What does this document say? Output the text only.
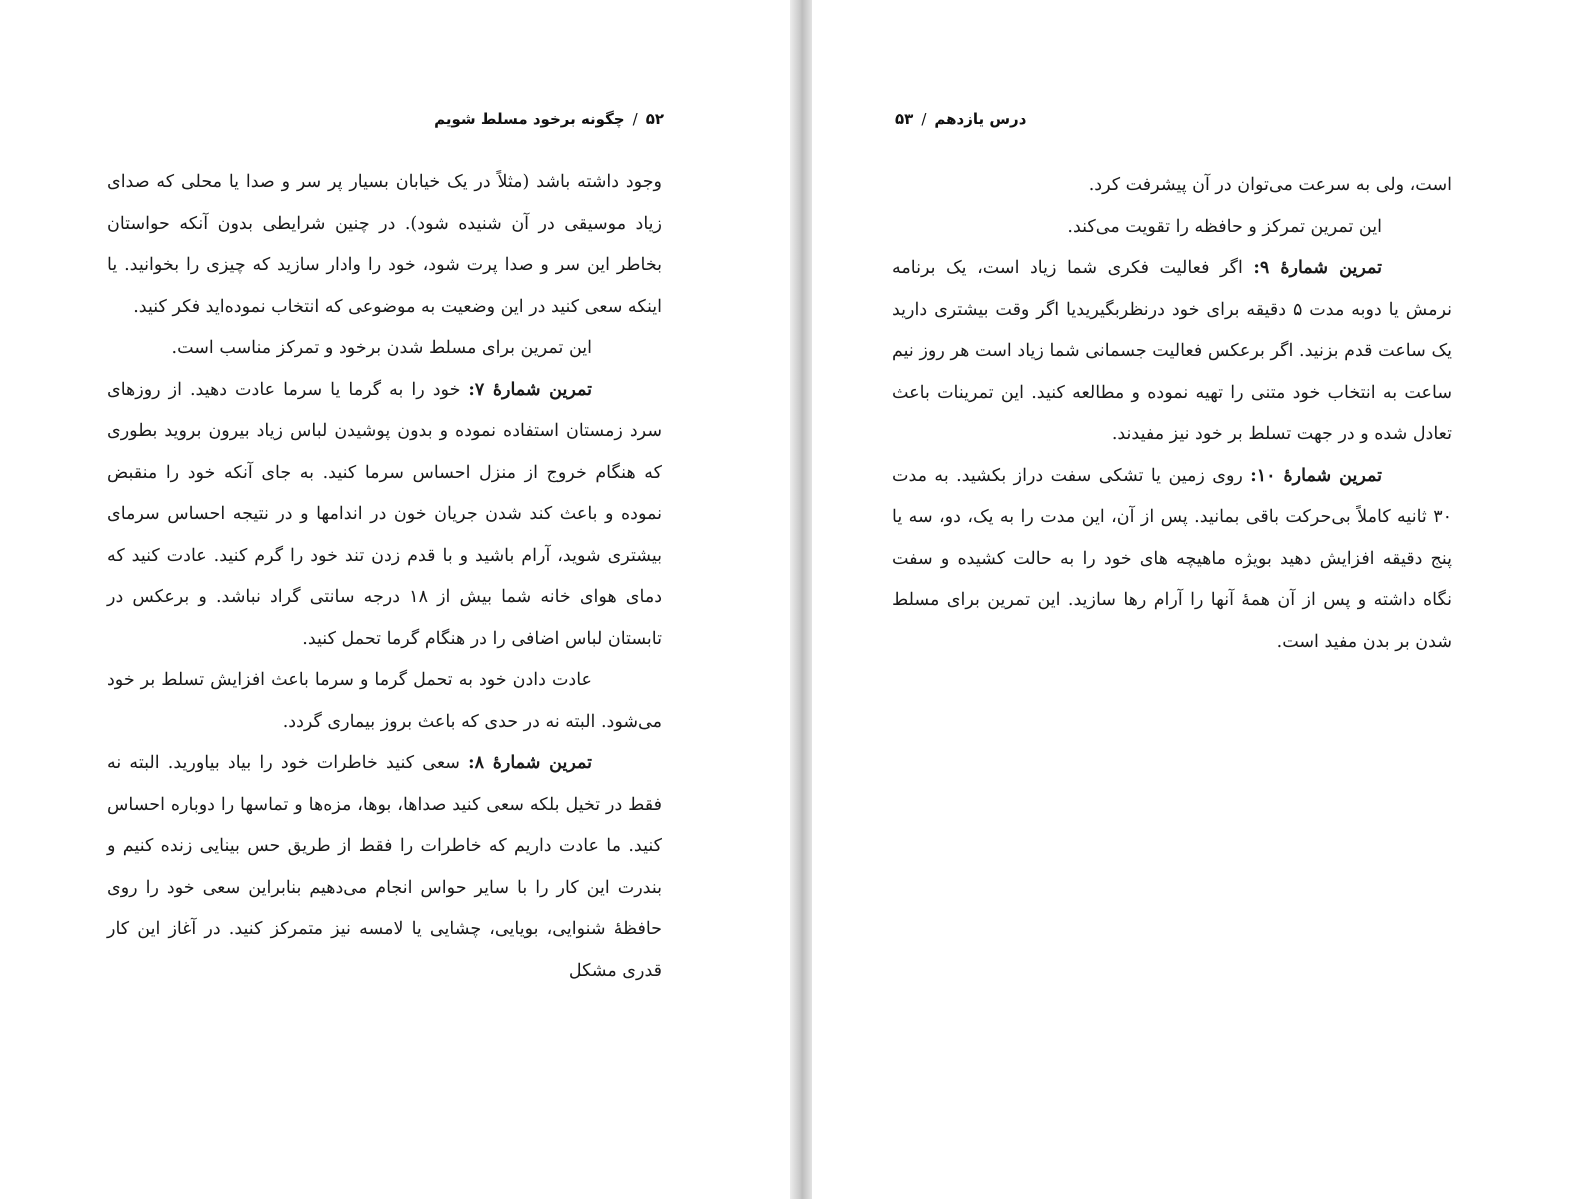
۵۲/چگونه برخود مسلط شویم

وجود داشته باشد (مثلاً در یک خیابان بسیار پر سر و صدا یا محلی که صدای زیاد موسیقی در آن شنیده شود). در چنین شرایطی بدون آنکه حواستان بخاطر این سر و صدا پرت شود، خود را وادار سازید که چیزی را بخوانید. یا اینکه سعی کنید در این وضعیت به موضوعی که انتخاب نموده‌اید فکر کنید.

این تمرین برای مسلط شدن برخود و تمرکز مناسب است.

تمرین شمارهٔ ۷: خود را به گرما یا سرما عادت دهید. از روزهای سرد زمستان استفاده نموده و بدون پوشیدن لباس زیاد بیرون بروید بطوری که هنگام خروج از منزل احساس سرما کنید. به جای آنکه خود را منقبض نموده و باعث کند شدن جریان خون در اندامها و در نتیجه احساس سرمای بیشتری شوید، آرام باشید و با قدم زدن تند خود را گرم کنید. عادت کنید که دمای هوای خانه شما بیش از ۱۸ درجه سانتی گراد نباشد. و برعکس در تابستان لباس اضافی را در هنگام گرما تحمل کنید.

عادت دادن خود به تحمل گرما و سرما باعث افزایش تسلط بر خود می‌شود. البته نه در حدی که باعث بروز بیماری گردد.

تمرین شمارهٔ ۸: سعی کنید خاطرات خود را بیاد بیاورید. البته نه فقط در تخیل بلکه سعی کنید صداها، بوها، مزه‌ها و تماسها را دوباره احساس کنید. ما عادت داریم که خاطرات را فقط از طریق حس بینایی زنده کنیم و بندرت این کار را با سایر حواس انجام می‌دهیم بنابراین سعی خود را روی حافظهٔ شنوایی، بویایی، چشایی یا لامسه نیز متمرکز کنید. در آغاز این کار قدری مشکل

درس یازدهم/۵۳

است، ولی به سرعت می‌توان در آن پیشرفت کرد.

این تمرین تمرکز و حافظه را تقویت می‌کند.

تمرین شمارهٔ ۹: اگر فعالیت فکری شما زیاد است، یک برنامه نرمش یا دوبه مدت ۵ دقیقه برای خود درنظربگیریدیا اگر وقت بیشتری دارید یک ساعت قدم بزنید. اگر برعکس فعالیت جسمانی شما زیاد است هر روز نیم ساعت به انتخاب خود متنی را تهیه نموده و مطالعه کنید. این تمرینات باعث تعادل شده و در جهت تسلط بر خود نیز مفیدند.

تمرین شمارهٔ ۱۰: روی زمین یا تشکی سفت دراز بکشید. به مدت ۳۰ ثانیه کاملاً بی‌حرکت باقی بمانید. پس از آن، این مدت را به یک، دو، سه یا پنج دقیقه افزایش دهید بویژه ماهیچه های خود را به حالت کشیده و سفت نگاه داشته و پس از آن همهٔ آنها را آرام رها سازید. این تمرین برای مسلط شدن بر بدن مفید است.
